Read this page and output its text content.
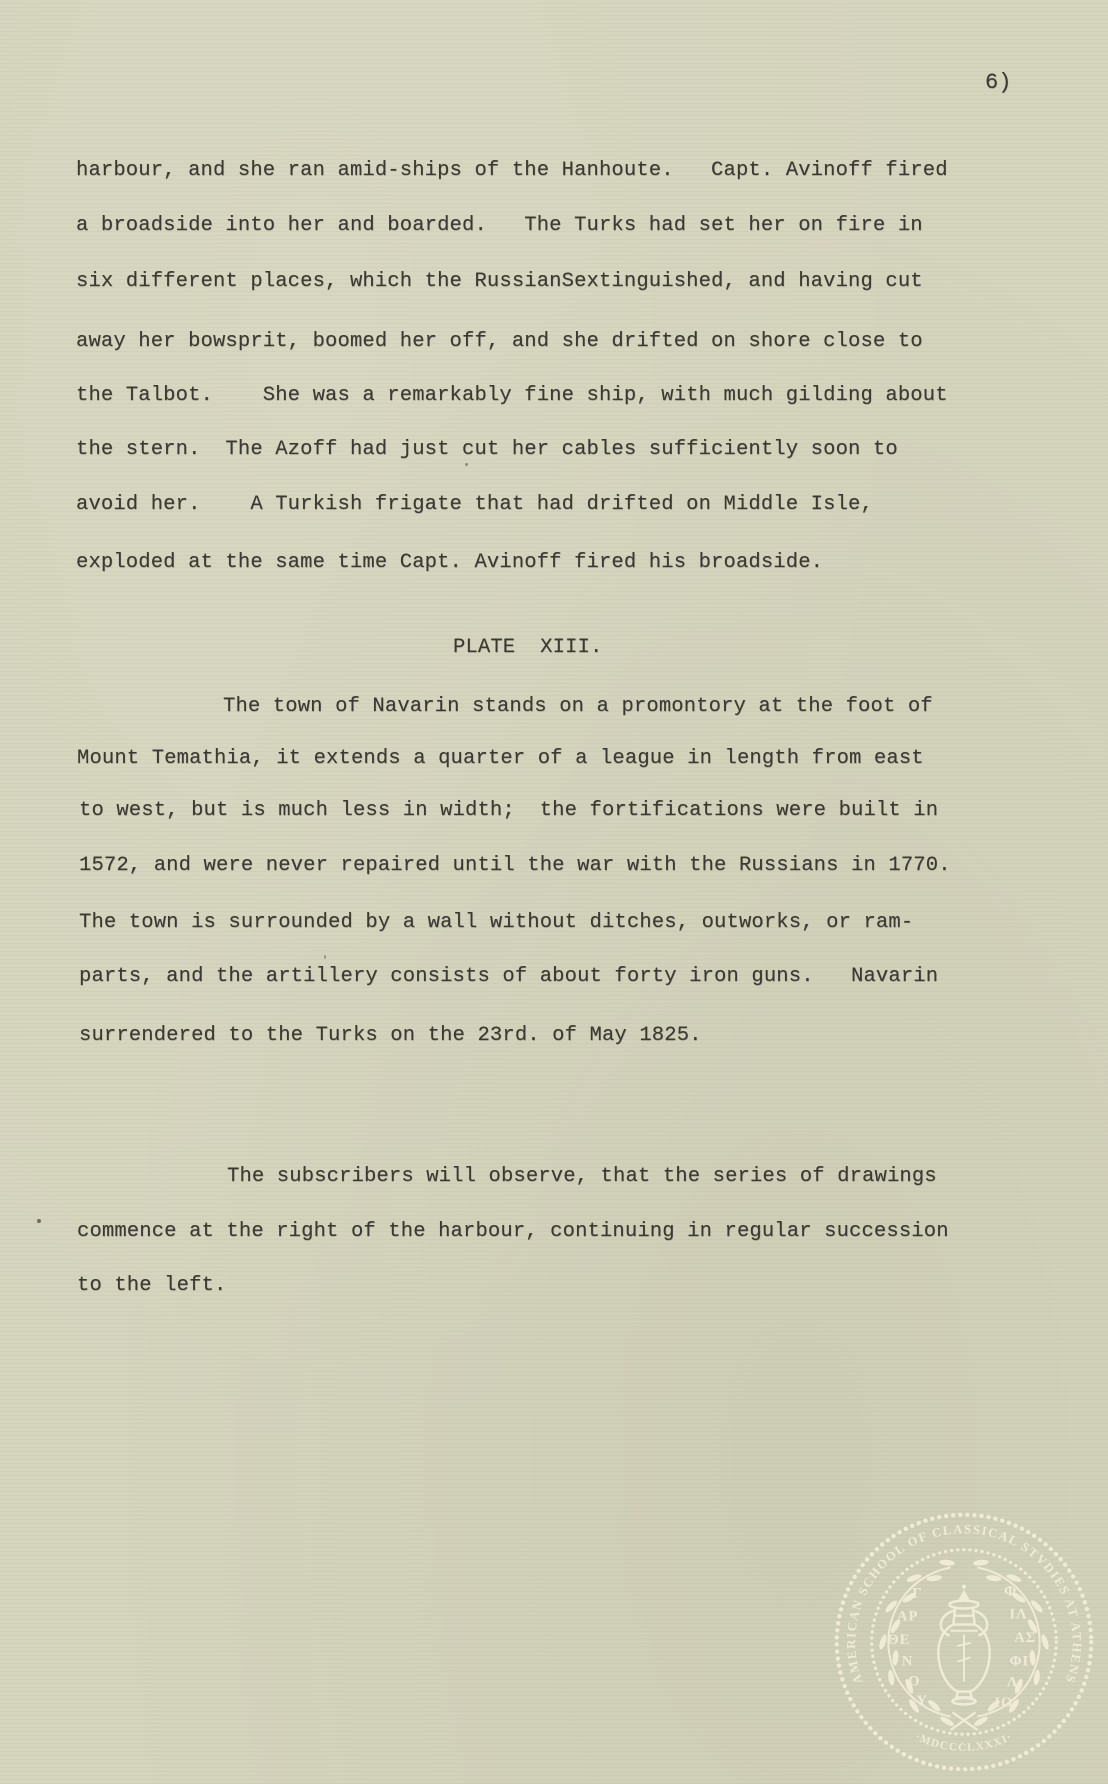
6)
harbour, and she ran amid-ships of the Hanhoute.   Capt. Avinoff fired
a broadside into her and boarded.   The Turks had set her on fire in
six different places, which the RussianSextinguished, and having cut
away her bowsprit, boomed her off, and she drifted on shore close to
the Talbot.    She was a remarkably fine ship, with much gilding about
the stern.  The Azoff had just cut her cables sufficiently soon to
avoid her.    A Turkish frigate that had drifted on Middle Isle,
exploded at the same time Capt. Avinoff fired his broadside.
PLATE  XIII.
The town of Navarin stands on a promontory at the foot of
Mount Temathia, it extends a quarter of a league in length from east
to west, but is much less in width;  the fortifications were built in
1572, and were never repaired until the war with the Russians in 1770.
The town is surrounded by a wall without ditches, outworks, or ram-
parts, and the artillery consists of about forty iron guns.   Navarin
surrendered to the Turks on the 23rd. of May 1825.
The subscribers will observe, that the series of drawings
commence at the right of the harbour, continuing in regular succession
to the left.
AMERICAN SCHOOL OF CLASSICAL STVDIES AT ATHENS
·MDCCCLXXXI·
Γ
ΑΡ
ΘΕ
Ν
Ο
Υ
Φ
ΙΛ
ΑΣ
ΦΙ
Λ
ΙΟ
